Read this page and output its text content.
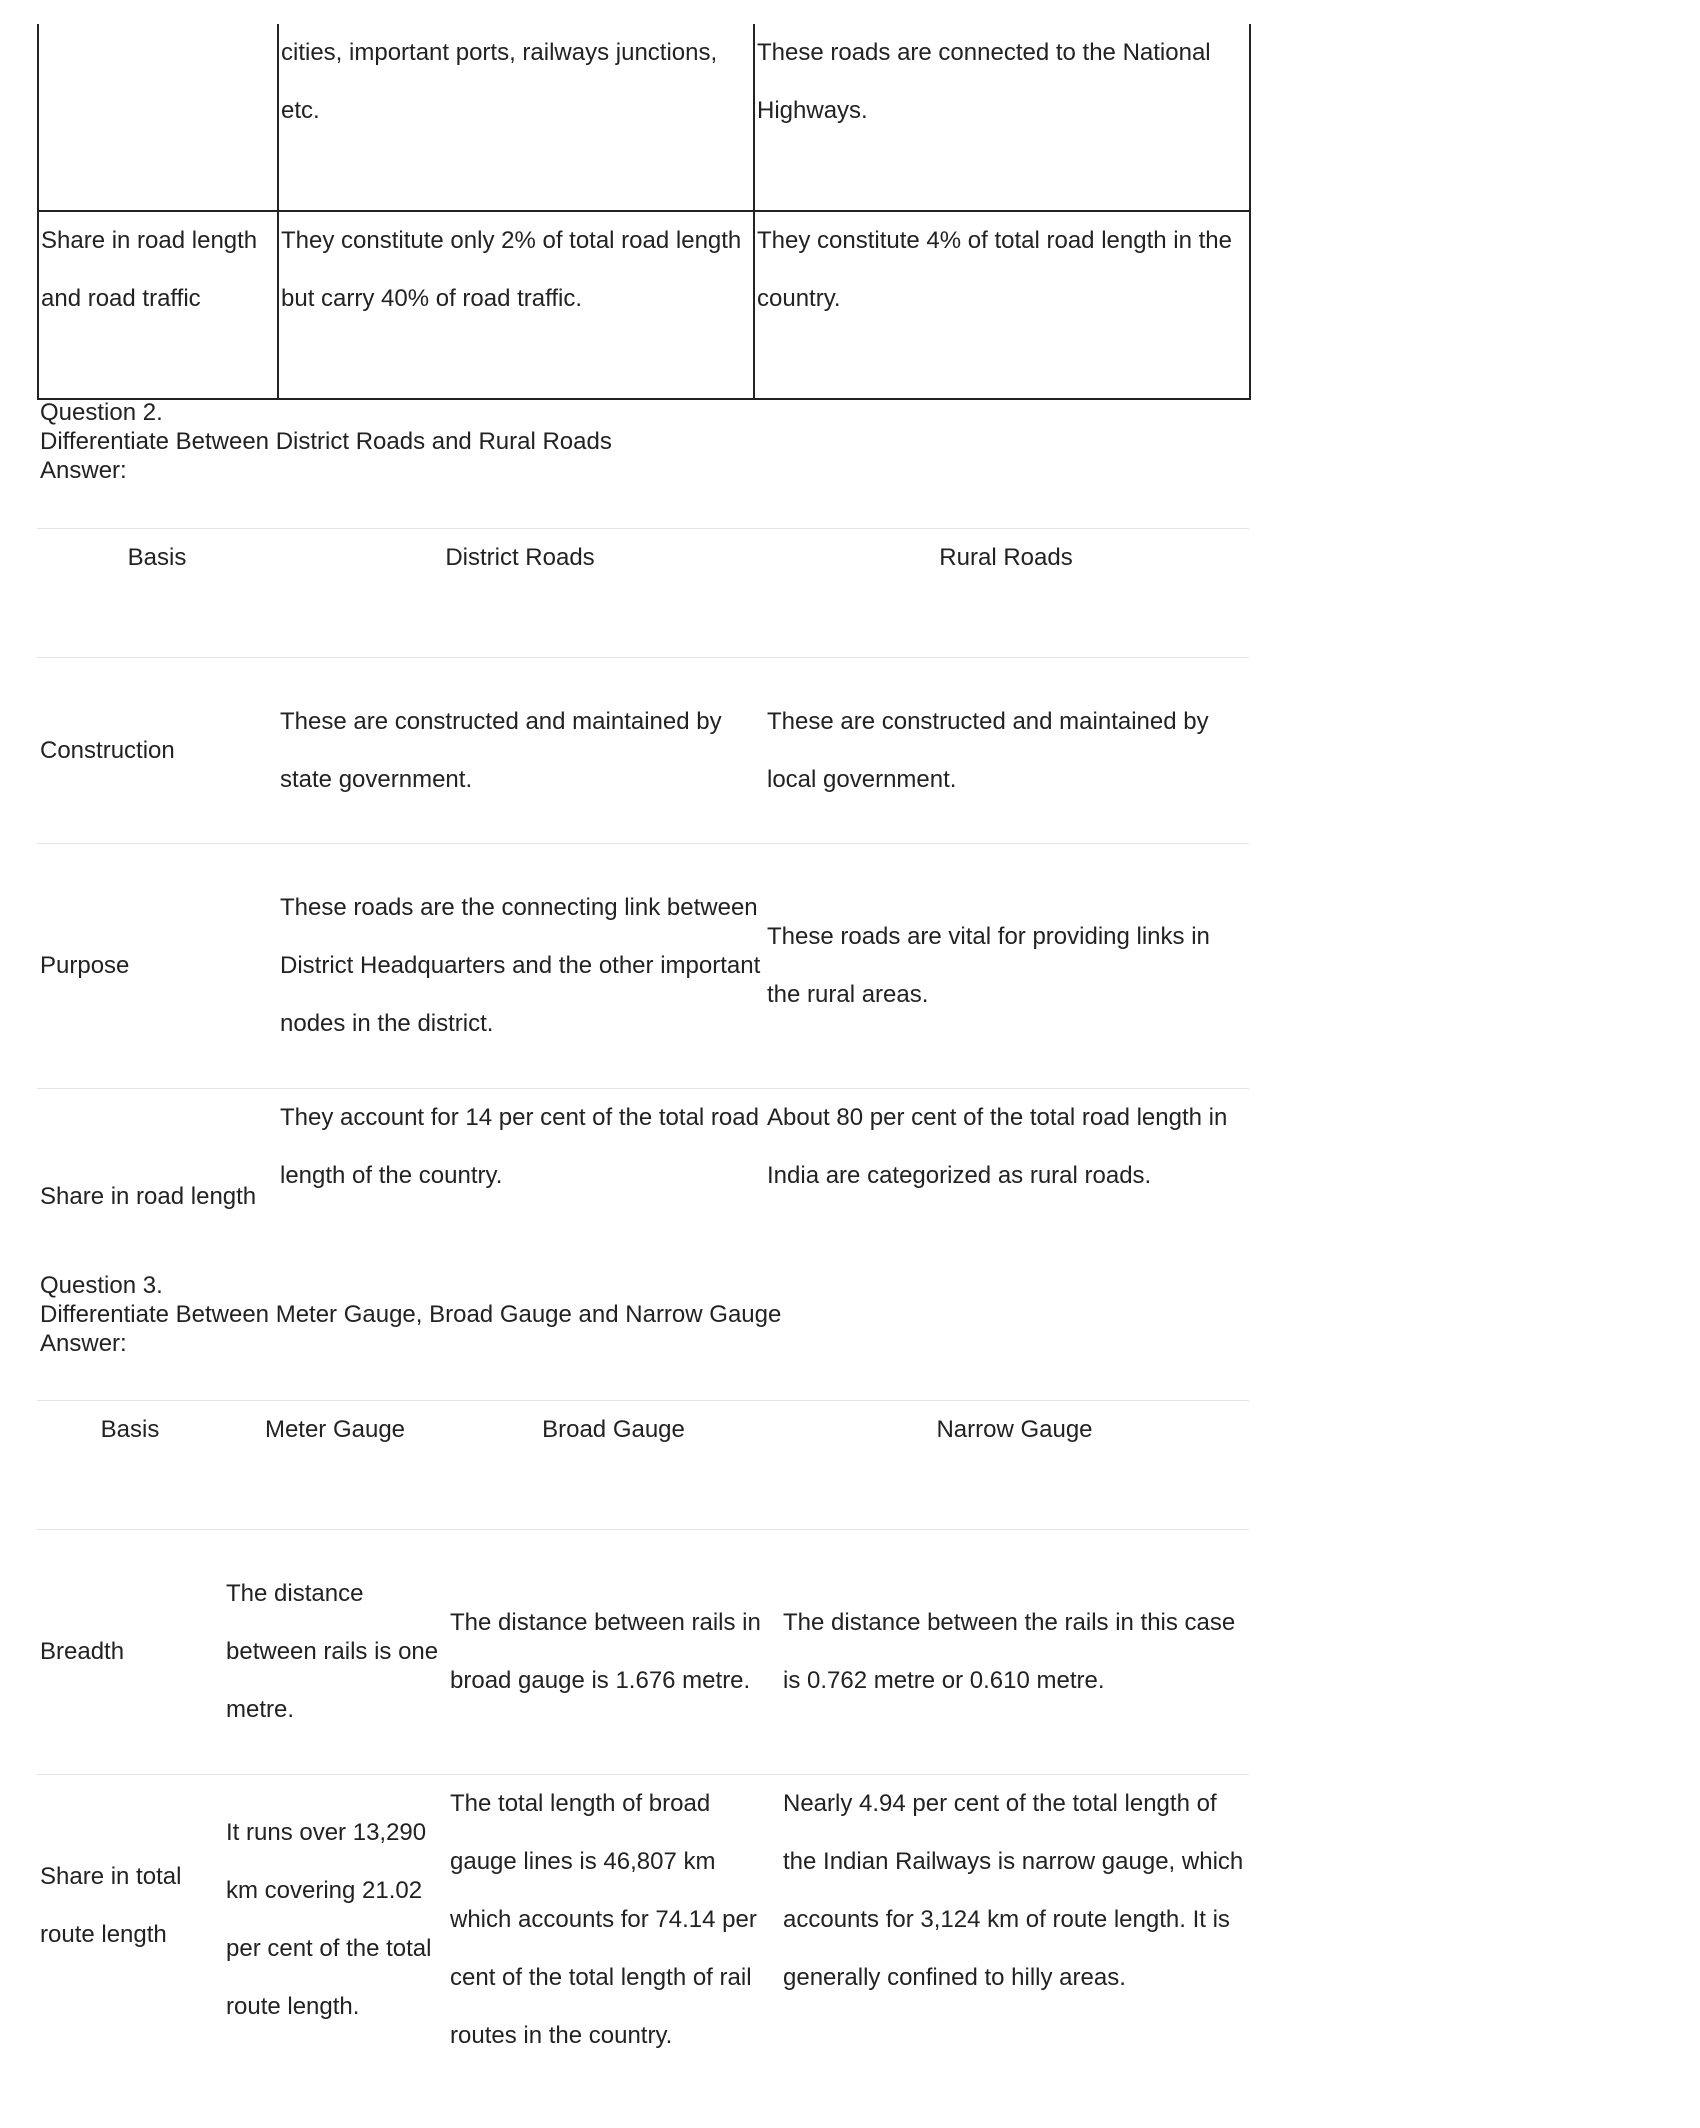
	cities, important ports, railways junctions, etc.	These roads are connected to the National Highways.
Share in road length and road traffic	They constitute only 2% of total road length but carry 40% of road traffic.	They constitute 4% of total road length in the country.
Question 2.
Differentiate Between District Roads and Rural Roads
Answer:
Basis	District Roads	Rural Roads

Construction	These are constructed and maintained by state government.	These are constructed and maintained by local government.

Purpose	These roads are the connecting link between District Headquarters and the other important nodes in the district.	These roads are vital for providing links in the rural areas.

Share in road length	They account for 14 per cent of the total road length of the country.	About 80 per cent of the total road length in India are categorized as rural roads.
Question 3.
Differentiate Between Meter Gauge, Broad Gauge and Narrow Gauge
Answer:
Basis	Meter Gauge	Broad Gauge	Narrow Gauge

Breadth	The distance between rails is one metre.	The distance between rails in broad gauge is 1.676 metre.	The distance between the rails in this case is 0.762 metre or 0.610 metre.

Share in total route length	It runs over 13,290 km covering 21.02 per cent of the total route length.	The total length of broad gauge lines is 46,807 km which accounts for 74.14 per cent of the total length of rail routes in the country.	Nearly 4.94 per cent of the total length of the Indian Railways is narrow gauge, which accounts for 3,124 km of route length. It is generally confined to hilly areas.
